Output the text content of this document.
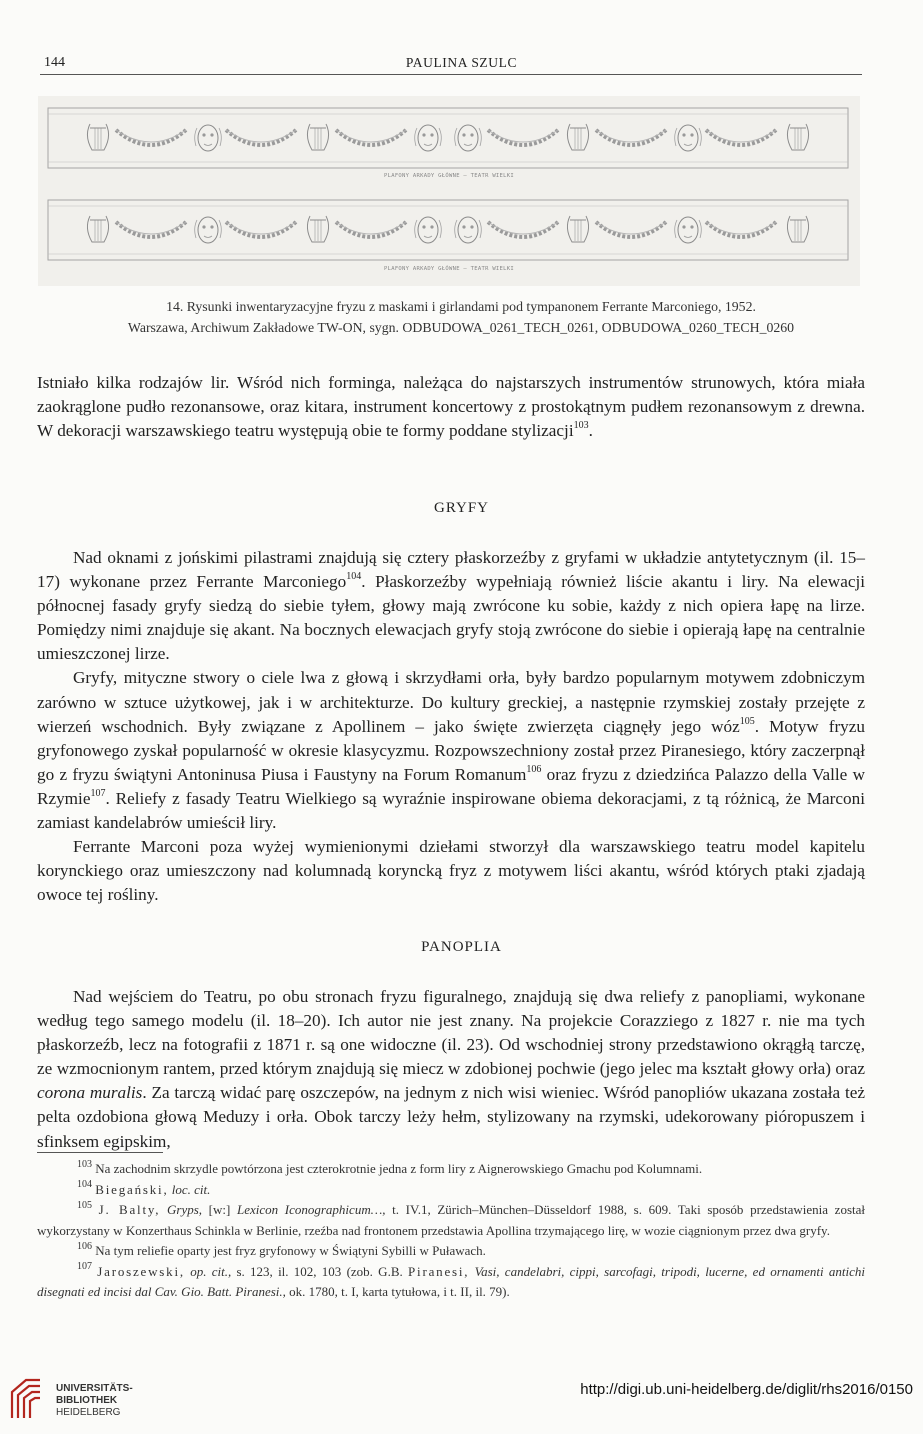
144	PAULINA SZULC
PLAFONY ARKADY GŁÓWNE — TEATR WIELKI
PLAFONY ARKADY GŁÓWNE — TEATR WIELKI
14. Rysunki inwentaryzacyjne fryzu z maskami i girlandami pod tympanonem Ferrante Marconiego, 1952.
Warszawa, Archiwum Zakładowe TW-ON, sygn. ODBUDOWA_0261_TECH_0261, ODBUDOWA_0260_TECH_0260

Istniało kilka rodzajów lir. Wśród nich forminga, należąca do najstarszych instrumentów strunowych, która miała zaokrąglone pudło rezonansowe, oraz kitara, instrument koncertowy z prostokątnym pudłem rezonansowym z drewna. W dekoracji warszawskiego teatru występują obie te formy poddane stylizacji$^{103}$.

GRYFY

Nad oknami z jońskimi pilastrami znajdują się cztery płaskorzeźby z gryfami w układzie antytetycznym (il. 15–17) wykonane przez Ferrante Marconiego$^{104}$. Płaskorzeźby wypełniają również liście akantu i liry. Na elewacji północnej fasady gryfy siedzą do siebie tyłem, głowy mają zwrócone ku sobie, każdy z nich opiera łapę na lirze. Pomiędzy nimi znajduje się akant. Na bocznych elewacjach gryfy stoją zwrócone do siebie i opierają łapę na centralnie umieszczonej lirze.

Gryfy, mityczne stwory o ciele lwa z głową i skrzydłami orła, były bardzo popularnym motywem zdobniczym zarówno w sztuce użytkowej, jak i w architekturze. Do kultury greckiej, a następnie rzymskiej zostały przejęte z wierzeń wschodnich. Były związane z Apollinem – jako święte zwierzęta ciągnęły jego wóz$^{105}$. Motyw fryzu gryfonowego zyskał popularność w okresie klasycyzmu. Rozpowszechniony został przez Piranesiego, który zaczerpnął go z fryzu świątyni Antoninusa Piusa i Faustyny na Forum Romanum$^{106}$ oraz fryzu z dziedzińca Palazzo della Valle w Rzymie$^{107}$. Reliefy z fasady Teatru Wielkiego są wyraźnie inspirowane obiema dekoracjami, z tą różnicą, że Marconi zamiast kandelabrów umieścił liry.

Ferrante Marconi poza wyżej wymienionymi dziełami stworzył dla warszawskiego teatru model kapitelu korynckiego oraz umieszczony nad kolumnadą koryncką fryz z motywem liści akantu, wśród których ptaki zjadają owoce tej rośliny.

PANOPLIA

Nad wejściem do Teatru, po obu stronach fryzu figuralnego, znajdują się dwa reliefy z panopliami, wykonane według tego samego modelu (il. 18–20). Ich autor nie jest znany. Na projekcie Corazziego z 1827 r. nie ma tych płaskorzeźb, lecz na fotografii z 1871 r. są one widoczne (il. 23). Od wschodniej strony przedstawiono okrągłą tarczę, ze wzmocnionym rantem, przed którym znajdują się miecz w zdobionej pochwie (jego jelec ma kształt głowy orła) oraz corona muralis. Za tarczą widać parę oszczepów, na jednym z nich wisi wieniec. Wśród panopliów ukazana została też pelta ozdobiona głową Meduzy i orła. Obok tarczy leży hełm, stylizowany na rzymski, udekorowany pióropuszem i sfinksem egipskim,

$^{103}$ Na zachodnim skrzydle powtórzona jest czterokrotnie jedna z form liry z Aignerowskiego Gmachu pod Kolumnami.

$^{104}$ Biegański, loc. cit.

$^{105}$ J. Balty, Gryps, [w:] Lexicon Iconographicum…, t. IV.1, Zürich–München–Düsseldorf 1988, s. 609. Taki sposób przedstawienia został wykorzystany w Konzerthaus Schinkla w Berlinie, rzeźba nad frontonem przedstawia Apollina trzymającego lirę, w wozie ciągnionym przez dwa gryfy.

$^{106}$ Na tym reliefie oparty jest fryz gryfonowy w Świątyni Sybilli w Puławach.

$^{107}$ Jaroszewski, op. cit., s. 123, il. 102, 103 (zob. G.B. Piranesi, Vasi, candelabri, cippi, sarcofagi, tripodi, lucerne, ed ornamenti antichi disegnati ed incisi dal Cav. Gio. Batt. Piranesi., ok. 1780, t. I, karta tytułowa, i t. II, il. 79).

UNIVERSITÄTS-
BIBLIOTHEK
HEIDELBERG
http://digi.ub.uni-heidelberg.de/diglit/rhs2016/0150
